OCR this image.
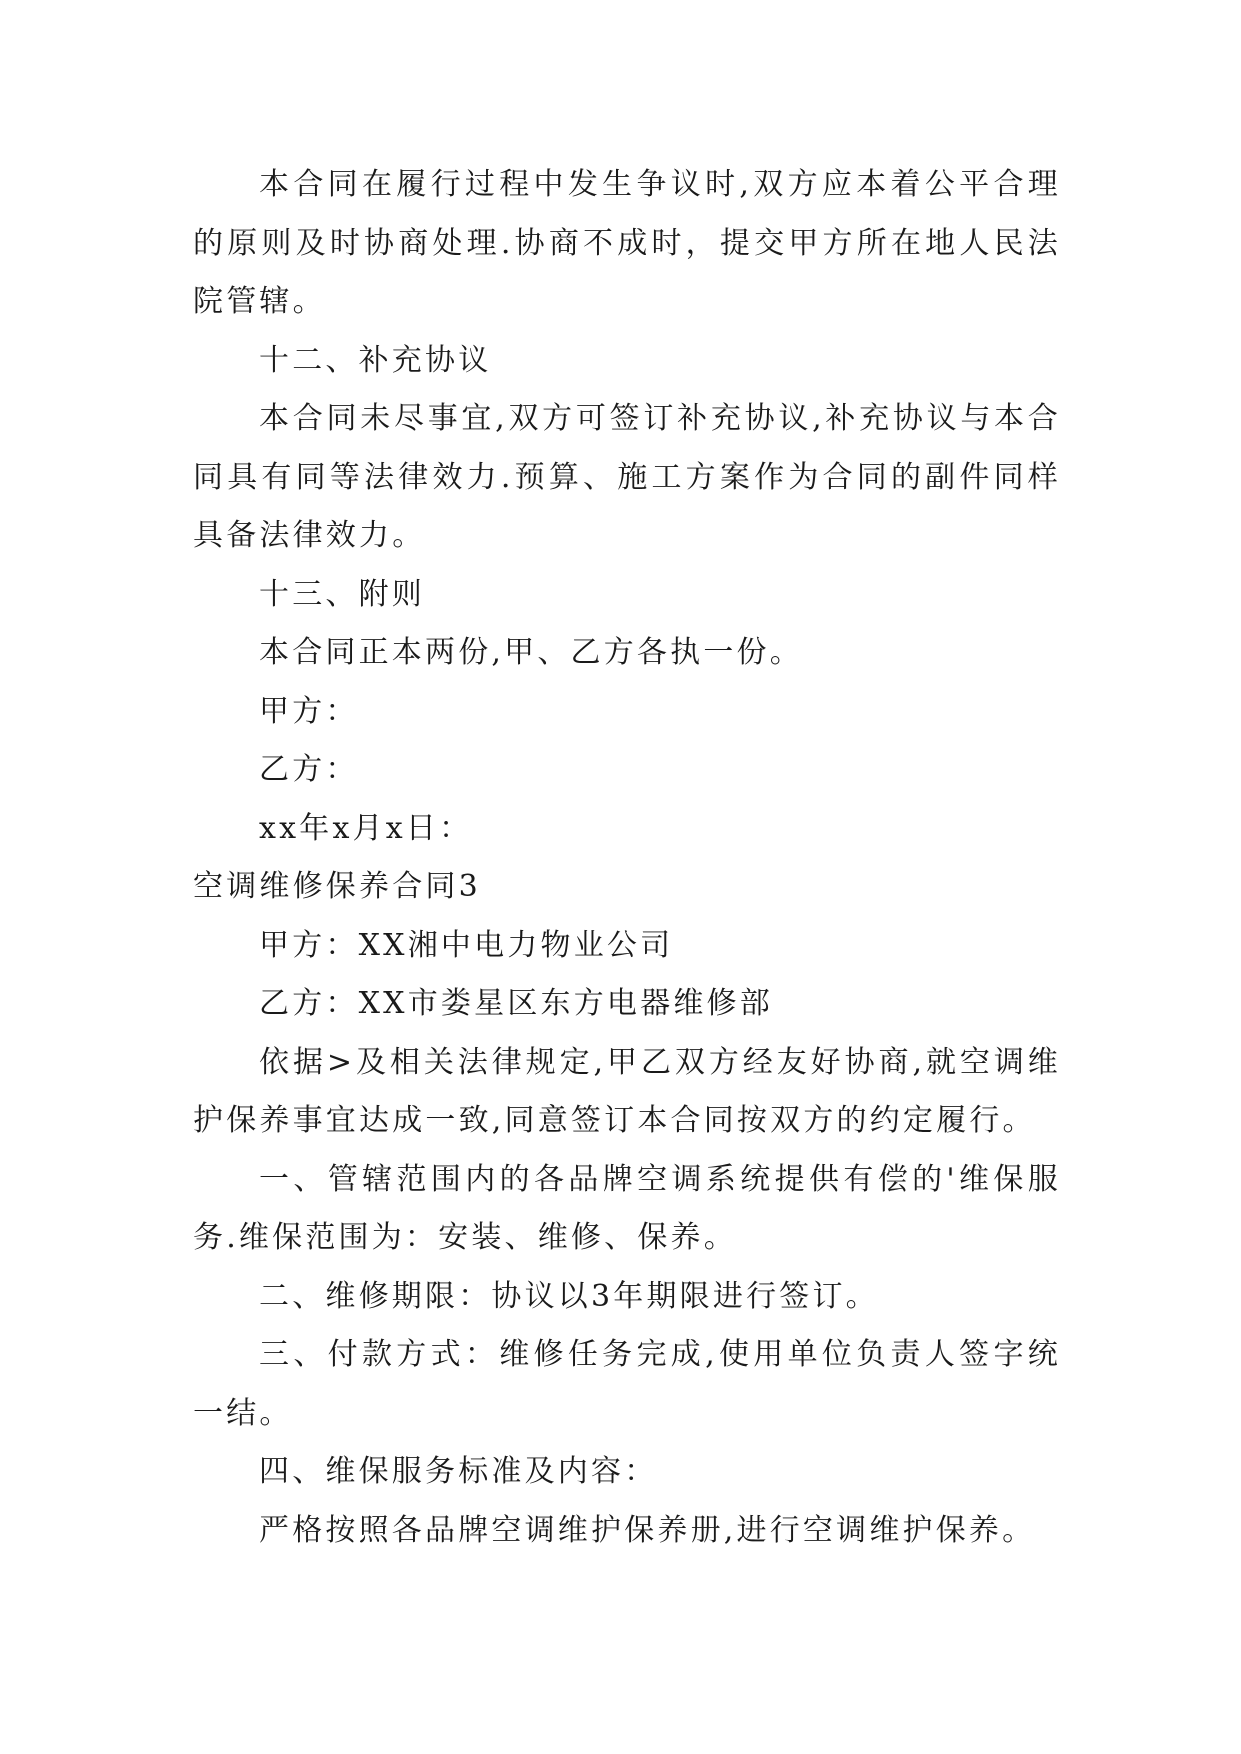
本合同在履行过程中发生争议时,双方应本着公平合理的原则及时协商处理.协商不成时，提交甲方所在地人民法院管辖。

十二、补充协议

本合同未尽事宜,双方可签订补充协议,补充协议与本合同具有同等法律效力.预算、施工方案作为合同的副件同样具备法律效力。

十三、附则

本合同正本两份,甲、乙方各执一份。

甲方：

乙方：

xx年x月x日：

空调维修保养合同3

甲方：XX湘中电力物业公司

乙方：XX市娄星区东方电器维修部

依据>及相关法律规定,甲乙双方经友好协商,就空调维护保养事宜达成一致,同意签订本合同按双方的约定履行。

一、管辖范围内的各品牌空调系统提供有偿的'维保服务.维保范围为：安装、维修、保养。

二、维修期限：协议以3年期限进行签订。

三、付款方式：维修任务完成,使用单位负责人签字统一结。

四、维保服务标准及内容：

严格按照各品牌空调维护保养册,进行空调维护保养。
